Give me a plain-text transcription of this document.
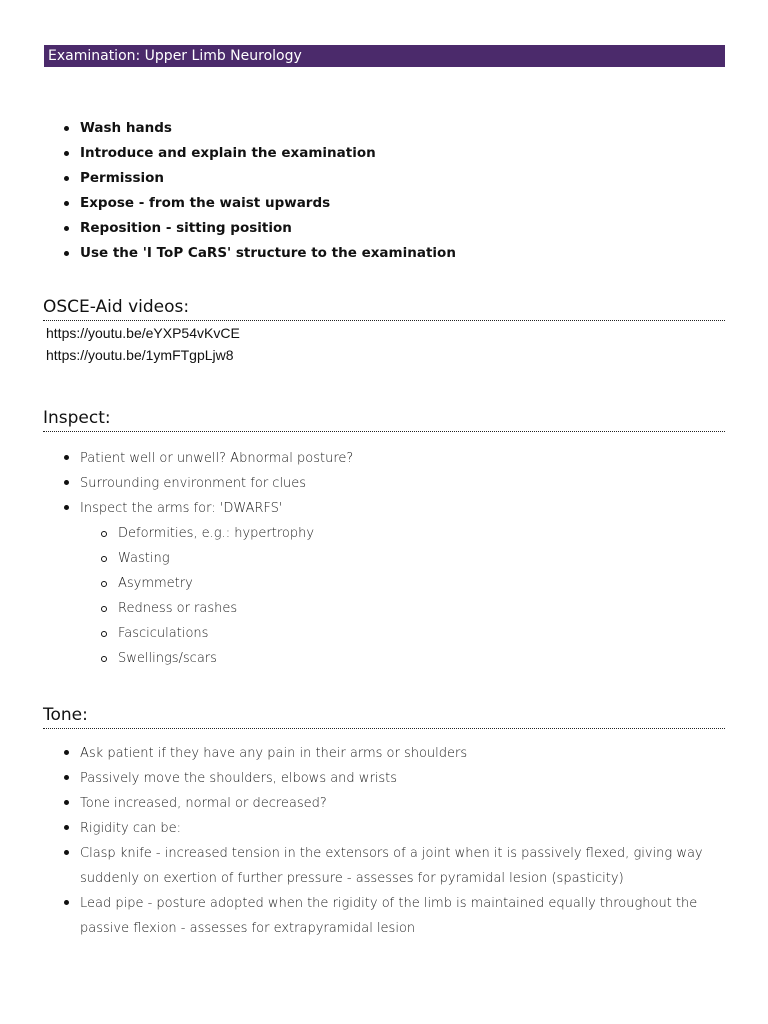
Examination: Upper Limb Neurology
Wash hands
Introduce and explain the examination
Permission
Expose - from the waist upwards
Reposition - sitting position
Use the 'I ToP CaRS' structure to the examination
OSCE-Aid videos:
https://youtu.be/eYXP54vKvCE
https://youtu.be/1ymFTgpLjw8
Inspect:
Patient well or unwell? Abnormal posture?
Surrounding environment for clues
Inspect the arms for: 'DWARFS'
Deformities, e.g.: hypertrophy
Wasting
Asymmetry
Redness or rashes
Fasciculations
Swellings/scars
Tone:
Ask patient if they have any pain in their arms or shoulders
Passively move the shoulders, elbows and wrists
Tone increased, normal or decreased?
Rigidity can be:
Clasp knife - increased tension in the extensors of a joint when it is passively flexed, giving way suddenly on exertion of further pressure - assesses for pyramidal lesion (spasticity)
Lead pipe - posture adopted when the rigidity of the limb is maintained equally throughout the passive flexion - assesses for extrapyramidal lesion
